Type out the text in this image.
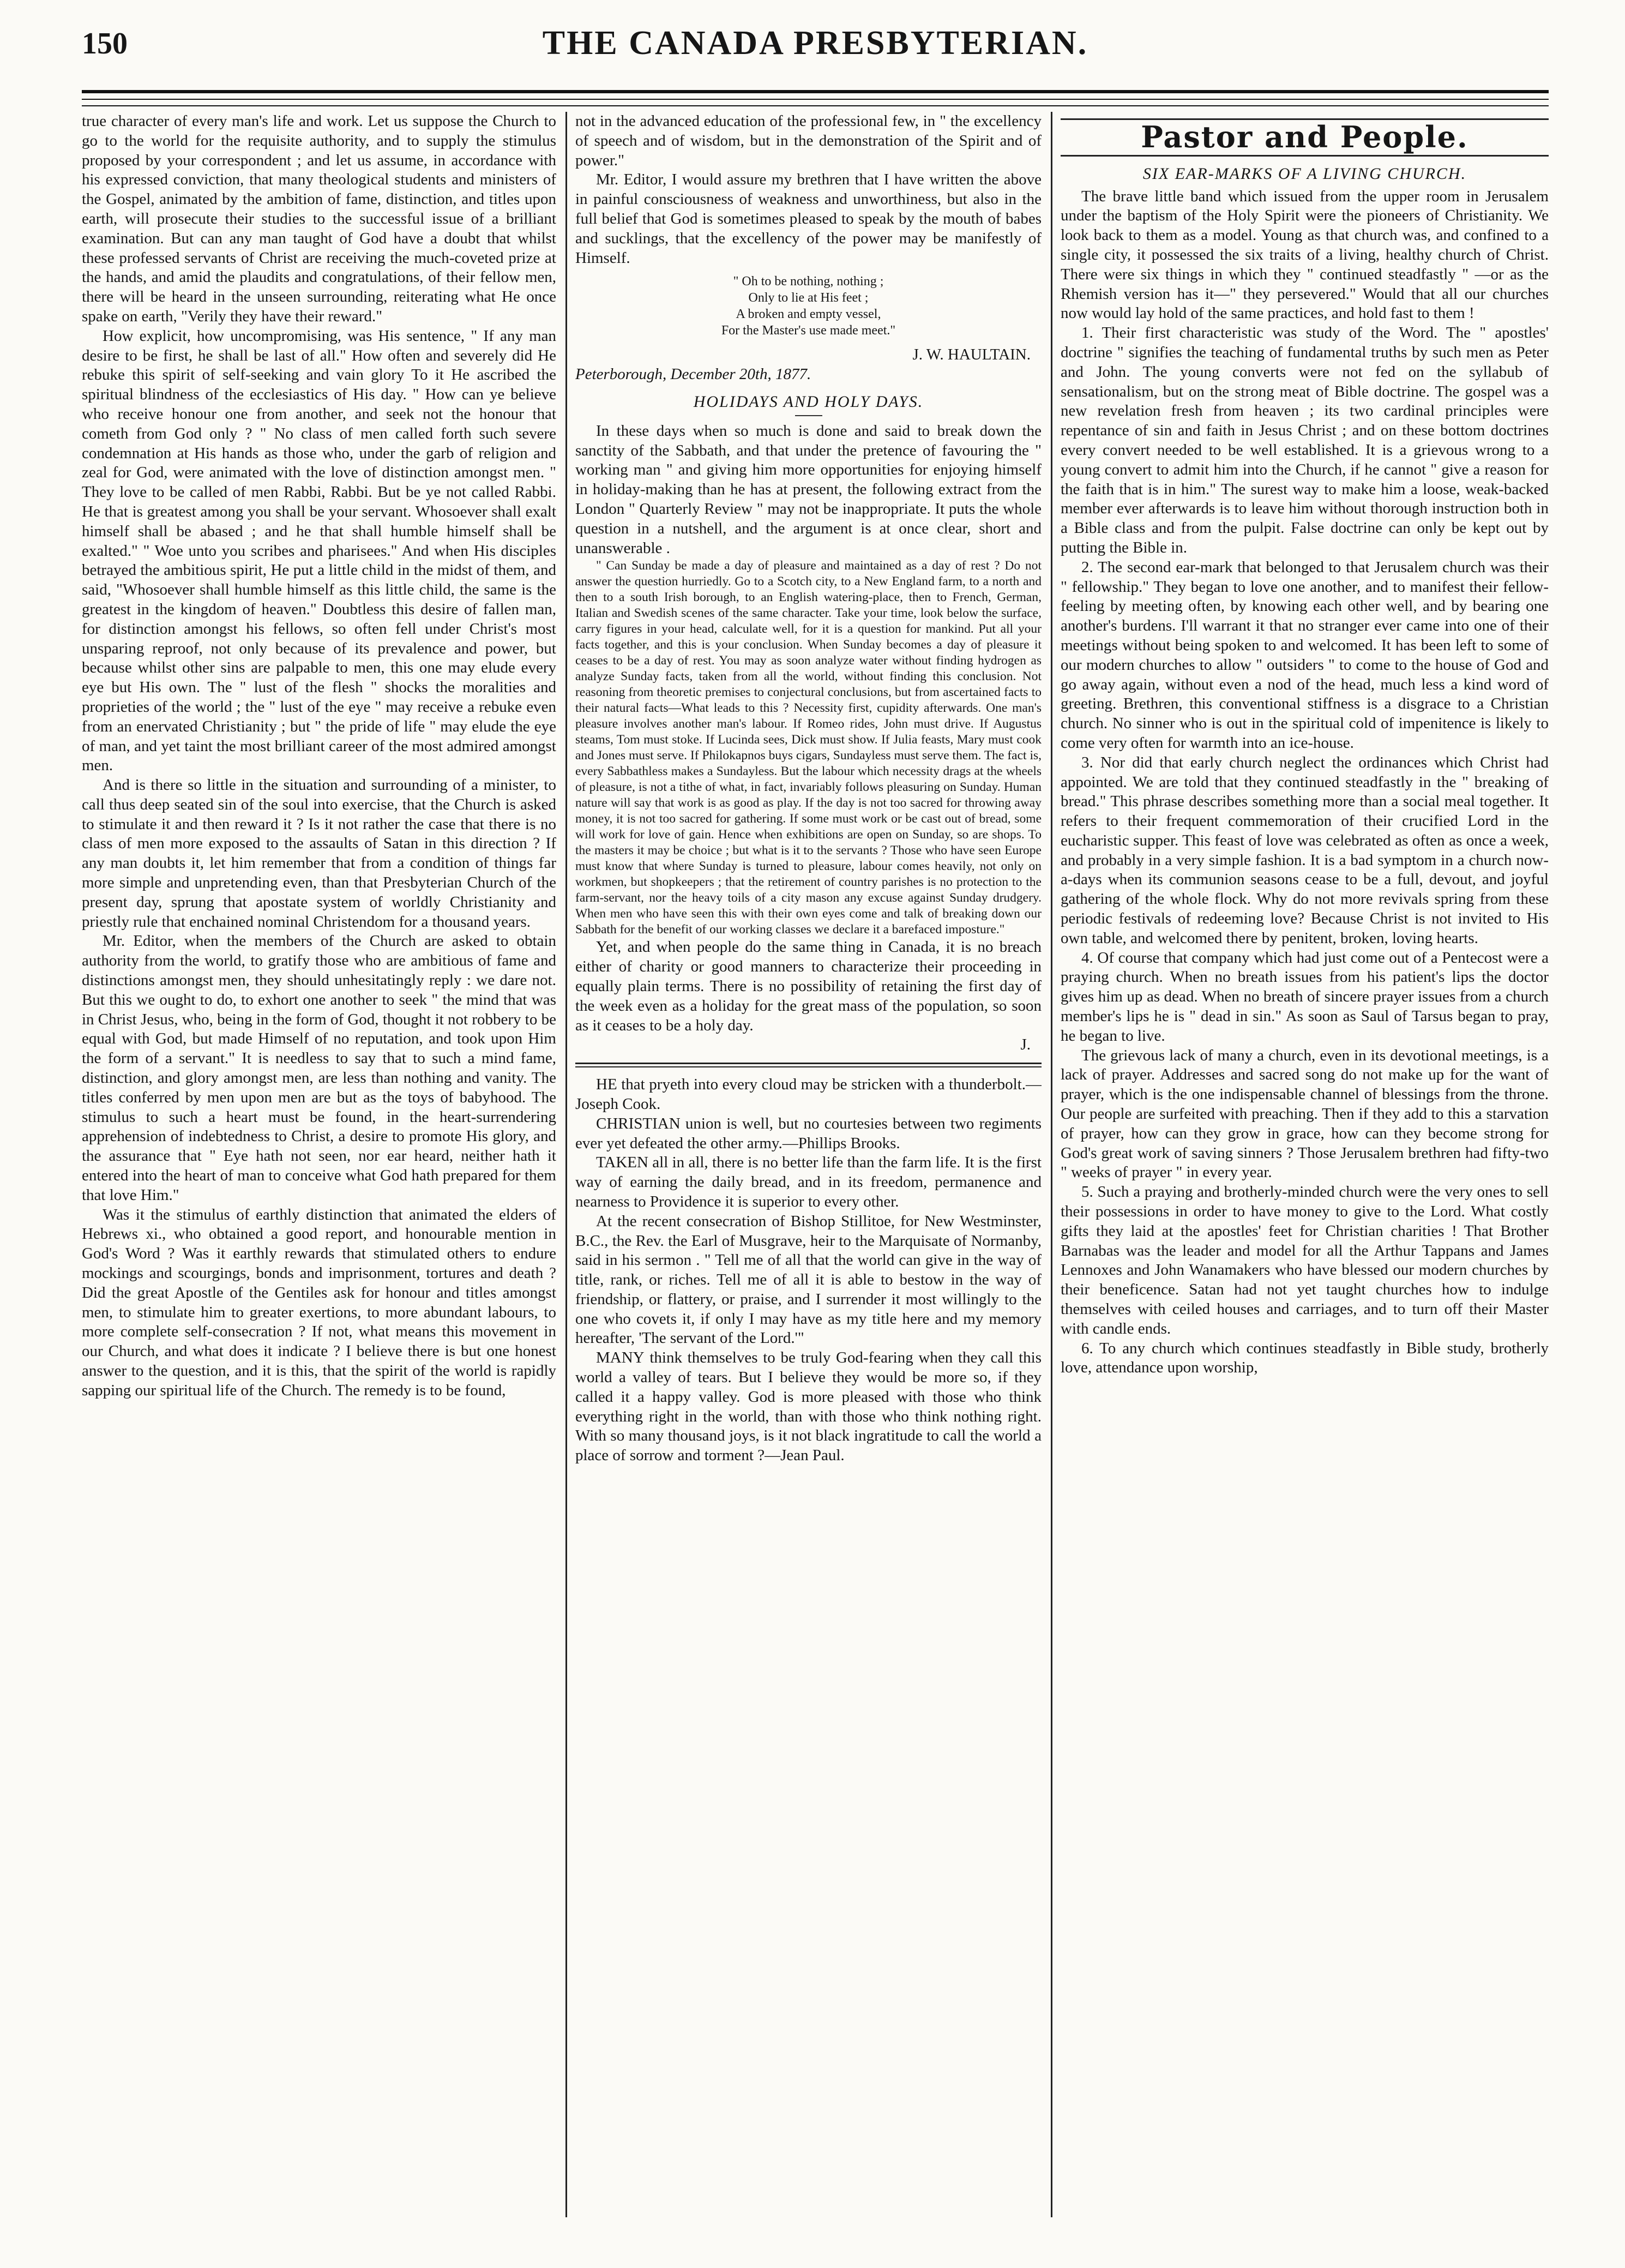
150	THE CANADA PRESBYTERIAN.

true character of every man's life and work. Let us suppose the Church to go to the world for the requisite authority, and to supply the stimulus proposed by your correspondent ; and let us assume, in accordance with his expressed conviction, that many theological students and ministers of the Gospel, animated by the ambition of fame, distinction, and titles upon earth, will prosecute their studies to the successful issue of a brilliant examination. But can any man taught of God have a doubt that whilst these professed servants of Christ are receiving the much-coveted prize at the hands, and amid the plaudits and congratulations, of their fellow men, there will be heard in the unseen surrounding, reiterating what He once spake on earth, "Verily they have their reward."

How explicit, how uncompromising, was His sentence, " If any man desire to be first, he shall be last of all." How often and severely did He rebuke this spirit of self-seeking and vain glory To it He ascribed the spiritual blindness of the ecclesiastics of His day. " How can ye believe who receive honour one from another, and seek not the honour that cometh from God only ? " No class of men called forth such severe condemnation at His hands as those who, under the garb of religion and zeal for God, were animated with the love of distinction amongst men. " They love to be called of men Rabbi, Rabbi. But be ye not called Rabbi. He that is greatest among you shall be your servant. Whosoever shall exalt himself shall be abased ; and he that shall humble himself shall be exalted." " Woe unto you scribes and pharisees." And when His disciples betrayed the ambitious spirit, He put a little child in the midst of them, and said, "Whosoever shall humble himself as this little child, the same is the greatest in the kingdom of heaven." Doubtless this desire of fallen man, for distinction amongst his fellows, so often fell under Christ's most unsparing reproof, not only because of its prevalence and power, but because whilst other sins are palpable to men, this one may elude every eye but His own. The " lust of the flesh " shocks the moralities and proprieties of the world ; the " lust of the eye " may receive a rebuke even from an enervated Christianity ; but " the pride of life " may elude the eye of man, and yet taint the most brilliant career of the most admired amongst men.

And is there so little in the situation and surrounding of a minister, to call thus deep seated sin of the soul into exercise, that the Church is asked to stimulate it and then reward it ? Is it not rather the case that there is no class of men more exposed to the assaults of Satan in this direction ? If any man doubts it, let him remember that from a condition of things far more simple and unpretending even, than that Presbyterian Church of the present day, sprung that apostate system of worldly Christianity and priestly rule that enchained nominal Christendom for a thousand years.

Mr. Editor, when the members of the Church are asked to obtain authority from the world, to gratify those who are ambitious of fame and distinctions amongst men, they should unhesitatingly reply : we dare not. But this we ought to do, to exhort one another to seek " the mind that was in Christ Jesus, who, being in the form of God, thought it not robbery to be equal with God, but made Himself of no reputation, and took upon Him the form of a servant." It is needless to say that to such a mind fame, distinction, and glory amongst men, are less than nothing and vanity. The titles conferred by men upon men are but as the toys of babyhood. The stimulus to such a heart must be found, in the heart-surrendering apprehension of indebtedness to Christ, a desire to promote His glory, and the assurance that " Eye hath not seen, nor ear heard, neither hath it entered into the heart of man to conceive what God hath prepared for them that love Him."

Was it the stimulus of earthly distinction that animated the elders of Hebrews xi., who obtained a good report, and honourable mention in God's Word ? Was it earthly rewards that stimulated others to endure mockings and scourgings, bonds and imprisonment, tortures and death ? Did the great Apostle of the Gentiles ask for honour and titles amongst men, to stimulate him to greater exertions, to more abundant labours, to more complete self-consecration ? If not, what means this movement in our Church, and what does it indicate ? I believe there is but one honest answer to the question, and it is this, that the spirit of the world is rapidly sapping our spiritual life of the Church. The remedy is to be found,

not in the advanced education of the professional few, in " the excellency of speech and of wisdom, but in the demonstration of the Spirit and of power."

Mr. Editor, I would assure my brethren that I have written the above in painful consciousness of weakness and unworthiness, but also in the full belief that God is sometimes pleased to speak by the mouth of babes and sucklings, that the excellency of the power may be manifestly of Himself.

" Oh to be nothing, nothing ;
Only to lie at His feet ;
A broken and empty vessel,
For the Master's use made meet."

J. W. HAULTAIN.

Peterborough, December 20th, 1877.

HOLIDAYS AND HOLY DAYS.

In these days when so much is done and said to break down the sanctity of the Sabbath, and that under the pretence of favouring the " working man " and giving him more opportunities for enjoying himself in holiday-making than he has at present, the following extract from the London " Quarterly Review " may not be inappropriate. It puts the whole question in a nutshell, and the argument is at once clear, short and unanswerable .

" Can Sunday be made a day of pleasure and maintained as a day of rest ? Do not answer the question hurriedly. Go to a Scotch city, to a New England farm, to a north and then to a south Irish borough, to an English watering-place, then to French, German, Italian and Swedish scenes of the same character. Take your time, look below the surface, carry figures in your head, calculate well, for it is a question for mankind. Put all your facts together, and this is your conclusion. When Sunday becomes a day of pleasure it ceases to be a day of rest. You may as soon analyze water without finding hydrogen as analyze Sunday facts, taken from all the world, without finding this conclusion. Not reasoning from theoretic premises to conjectural conclusions, but from ascertained facts to their natural facts—What leads to this ? Necessity first, cupidity afterwards. One man's pleasure involves another man's labour. If Romeo rides, John must drive. If Augustus steams, Tom must stoke. If Lucinda sees, Dick must show. If Julia feasts, Mary must cook and Jones must serve. If Philokapnos buys cigars, Sundayless must serve them. The fact is, every Sabbathless makes a Sundayless. But the labour which necessity drags at the wheels of pleasure, is not a tithe of what, in fact, invariably follows pleasuring on Sunday. Human nature will say that work is as good as play. If the day is not too sacred for throwing away money, it is not too sacred for gathering. If some must work or be cast out of bread, some will work for love of gain. Hence when exhibitions are open on Sunday, so are shops. To the masters it may be choice ; but what is it to the servants ? Those who have seen Europe must know that where Sunday is turned to pleasure, labour comes heavily, not only on workmen, but shopkeepers ; that the retirement of country parishes is no protection to the farm-servant, nor the heavy toils of a city mason any excuse against Sunday drudgery. When men who have seen this with their own eyes come and talk of breaking down our Sabbath for the benefit of our working classes we declare it a barefaced imposture."

Yet, and when people do the same thing in Canada, it is no breach either of charity or good manners to characterize their proceeding in equally plain terms. There is no possibility of retaining the first day of the week even as a holiday for the great mass of the population, so soon as it ceases to be a holy day.

J.

HE that pryeth into every cloud may be stricken with a thunderbolt.—Joseph Cook.

CHRISTIAN union is well, but no courtesies between two regiments ever yet defeated the other army.—Phillips Brooks.

TAKEN all in all, there is no better life than the farm life. It is the first way of earning the daily bread, and in its freedom, permanence and nearness to Providence it is superior to every other.

At the recent consecration of Bishop Stillitoe, for New Westminster, B.C., the Rev. the Earl of Musgrave, heir to the Marquisate of Normanby, said in his sermon . " Tell me of all that the world can give in the way of title, rank, or riches. Tell me of all it is able to bestow in the way of friendship, or flattery, or praise, and I surrender it most willingly to the one who covets it, if only I may have as my title here and my memory hereafter, 'The servant of the Lord.'"

MANY think themselves to be truly God-fearing when they call this world a valley of tears. But I believe they would be more so, if they called it a happy valley. God is more pleased with those who think everything right in the world, than with those who think nothing right. With so many thousand joys, is it not black ingratitude to call the world a place of sorrow and torment ?—Jean Paul.

Pastor and People.
SIX EAR-MARKS OF A LIVING CHURCH.

The brave little band which issued from the upper room in Jerusalem under the baptism of the Holy Spirit were the pioneers of Christianity. We look back to them as a model. Young as that church was, and confined to a single city, it possessed the six traits of a living, healthy church of Christ. There were six things in which they " continued steadfastly " —or as the Rhemish version has it—" they persevered." Would that all our churches now would lay hold of the same practices, and hold fast to them !

1. Their first characteristic was study of the Word. The " apostles' doctrine " signifies the teaching of fundamental truths by such men as Peter and John. The young converts were not fed on the syllabub of sensationalism, but on the strong meat of Bible doctrine. The gospel was a new revelation fresh from heaven ; its two cardinal principles were repentance of sin and faith in Jesus Christ ; and on these bottom doctrines every convert needed to be well established. It is a grievous wrong to a young convert to admit him into the Church, if he cannot " give a reason for the faith that is in him." The surest way to make him a loose, weak-backed member ever afterwards is to leave him without thorough instruction both in a Bible class and from the pulpit. False doctrine can only be kept out by putting the Bible in.

2. The second ear-mark that belonged to that Jerusalem church was their " fellowship." They began to love one another, and to manifest their fellow-feeling by meeting often, by knowing each other well, and by bearing one another's burdens. I'll warrant it that no stranger ever came into one of their meetings without being spoken to and welcomed. It has been left to some of our modern churches to allow " outsiders " to come to the house of God and go away again, without even a nod of the head, much less a kind word of greeting. Brethren, this conventional stiffness is a disgrace to a Christian church. No sinner who is out in the spiritual cold of impenitence is likely to come very often for warmth into an ice-house.

3. Nor did that early church neglect the ordinances which Christ had appointed. We are told that they continued steadfastly in the " breaking of bread." This phrase describes something more than a social meal together. It refers to their frequent commemoration of their crucified Lord in the eucharistic supper. This feast of love was celebrated as often as once a week, and probably in a very simple fashion. It is a bad symptom in a church now-a-days when its communion seasons cease to be a full, devout, and joyful gathering of the whole flock. Why do not more revivals spring from these periodic festivals of redeeming love? Because Christ is not invited to His own table, and welcomed there by penitent, broken, loving hearts.

4. Of course that company which had just come out of a Pentecost were a praying church. When no breath issues from his patient's lips the doctor gives him up as dead. When no breath of sincere prayer issues from a church member's lips he is " dead in sin." As soon as Saul of Tarsus began to pray, he began to live.

The grievous lack of many a church, even in its devotional meetings, is a lack of prayer. Addresses and sacred song do not make up for the want of prayer, which is the one indispensable channel of blessings from the throne. Our people are surfeited with preaching. Then if they add to this a starvation of prayer, how can they grow in grace, how can they become strong for God's great work of saving sinners ? Those Jerusalem brethren had fifty-two " weeks of prayer " in every year.

5. Such a praying and brotherly-minded church were the very ones to sell their possessions in order to have money to give to the Lord. What costly gifts they laid at the apostles' feet for Christian charities ! That Brother Barnabas was the leader and model for all the Arthur Tappans and James Lennoxes and John Wanamakers who have blessed our modern churches by their beneficence. Satan had not yet taught churches how to indulge themselves with ceiled houses and carriages, and to turn off their Master with candle ends.

6. To any church which continues steadfastly in Bible study, brotherly love, attendance upon worship,
